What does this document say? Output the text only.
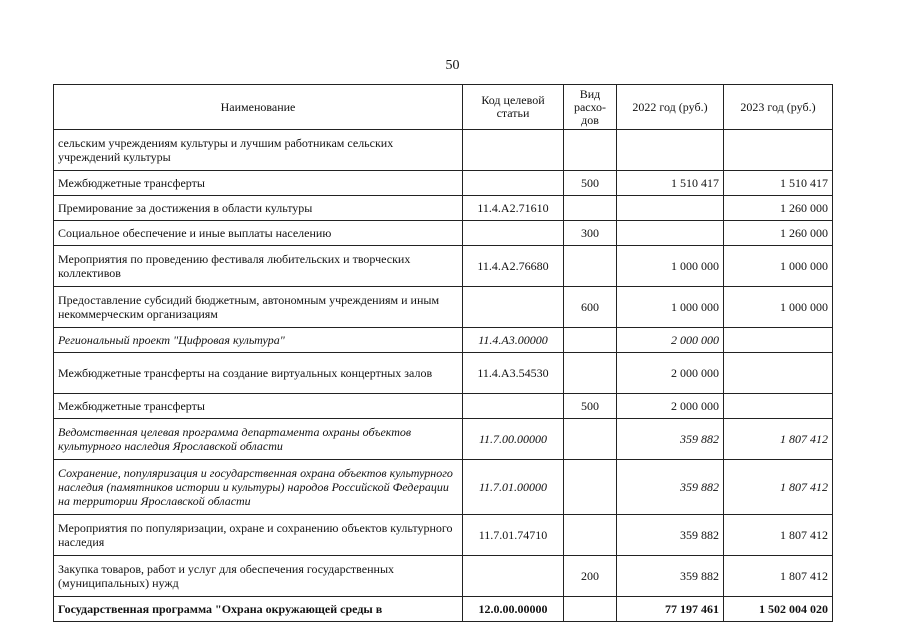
50
Наименование	Код целевой статьи	Вид расхо-дов	2022 год (руб.)	2023 год (руб.)
сельским учреждениям культуры и лучшим работникам сельских учреждений культуры				
Межбюджетные трансферты		500	1 510 417	1 510 417
Премирование за достижения в области культуры	11.4.A2.71610			1 260 000
Социальное обеспечение и иные выплаты населению		300		1 260 000
Мероприятия по проведению фестиваля любительских и творческих коллективов	11.4.A2.76680		1 000 000	1 000 000
Предоставление субсидий бюджетным, автономным учреждениям и иным некоммерческим организациям		600	1 000 000	1 000 000
Региональный проект "Цифровая культура"	11.4.A3.00000		2 000 000	
Межбюджетные трансферты на создание виртуальных концертных залов	11.4.A3.54530		2 000 000	
Межбюджетные трансферты		500	2 000 000	
Ведомственная целевая программа департамента охраны объектов культурного наследия Ярославской области	11.7.00.00000		359 882	1 807 412
Сохранение, популяризация и государственная охрана объектов культурного наследия (памятников истории и культуры) народов Российской Федерации на территории Ярославской области	11.7.01.00000		359 882	1 807 412
Мероприятия по популяризации, охране и сохранению объектов культурного наследия	11.7.01.74710		359 882	1 807 412
Закупка товаров, работ и услуг для обеспечения государственных (муниципальных) нужд		200	359 882	1 807 412
Государственная программа "Охрана окружающей среды в	12.0.00.00000		77 197 461	1 502 004 020
